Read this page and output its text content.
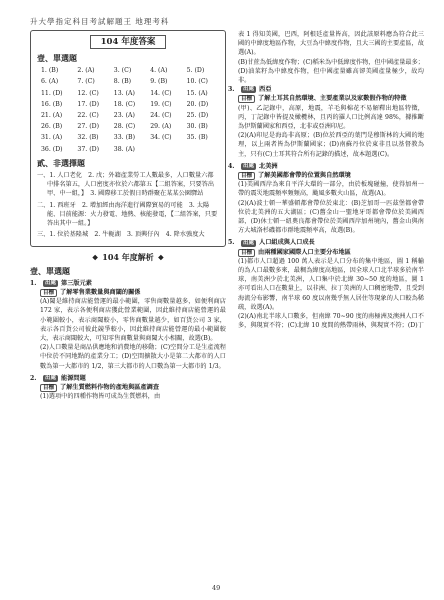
升大學指定科目考試解題王 地理考科
104 年度答案
壹、單選題
1. (B)	2. (A)	3. (C)	4. (A)	5. (D)
6. (A)	7. (C)	8. (B)	9. (B)	10. (C)
11. (D)	12. (C)	13. (A)	14. (C)	15. (A)
16. (B)	17. (D)	18. (C)	19. (C)	20. (D)
21. (A)	22. (C)	23. (A)	24. (C)	25. (D)
26. (B)	27. (D)	28. (C)	29. (A)	30. (B)
31. (A)	32. (B)	33. (B)	34. (C)	35. (B)
36. (D)	37. (D)	38. (A)
貳、非選擇題
一、1. 人口老化　2. 戊；外籍產業勞工人數最多，人口數量六都中排名第五，人口密度亦位於六都第五【二組答案，只要答出甲、中一組，】　3. 國際移工於假日時群聚在某某公園驛站
二、1. 西班牙　2. 增加經由海洋進行國際貿易的可能　3. 太陽能、目前能源：火力發電、地熱、核能發電，【二組答案，只要答出其中一組。】
三、1. 位於基隆城　2. 牛軛湖　3. 頂興仔內　4. 降水強度大
❖ 104 年度解析 ❖
壹、單選題
1.	出處 第三版元素
目標 了解零售業數量與商閾的關係
(A)閾是維持商店能營運的最小範圍，零售商數量越多，如便利商店 172 家，表示各便利商店獲此營業範圍，因此維持商店能營運的最小範圍較小，表示商閾較小，零售商數量越少，如百貨公司 3 家，表示各百貨公司彼此競爭較小，因此維持商店能營運的最小範圍較大，表示商閾較大，可知零售商數量與商閾大小相關，故選(B)。
(2)人口數量是商品供應地和消費地的移動；(C)空間分工是生產流程中位於不同地點的產業分工；(D)空間擴散大小是第二大都市的人口數為第一大都市的 1/2，第三大都市的人口數為第一大都市的 1/3。
2.	出處 能源問題
目標 了解生質燃料作物的產地與區產調查
(1)選項中的四種作物皆可成為生質燃料，由
表 1 得知美國，巴西，阿根廷產量皆高，因此該原料應為符合此三國的中緯度地區作物，大豆為中緯度作物，且大三國的主要產區，故選(A)。
(B)甘蔗為低緯度作物；(C)稻米為中低緯度作物，但中國產量最多；(D)油菜籽為中緯度作物，但中國產量雖高卻美國產量極少，故均非。
3.	出處 西亞
目標 了解土耳其自然環境、主要產業以及家數假作物的特徵
(甲)、乙記錄中，高原，地震，羊毛與棉花不易解釋出地區特徵，丙，丁記錄中皆提及橄欖林，且丙的羅人口比例高達 98%，據推斷為伊斯蘭國家和西亞，北非或亞洲印尼。
(2)(A)印尼是海島非高原；(B)位於西亞的葉門是穆斯林的大國的地理，以上兩者皆為伊斯蘭國家；(D)南蘇丹位於東非且以基督教為主，只有(C)土耳其符合所有記錄的描述，故本題選(C)。
4.	出處 北美洲
目標 了解美國都會帶的位置與自然環境
(1)美國西岸為來自平洋大環的一部分，由於板塊碰撞，使得加州一帶的震災地震頻率頻頻高，颱風多數火山區，故選(A)。
(2)(A)波士頓一華盛頓都會帶位於東北：(B)芝加哥一匹茲堡都會帶位於北美洲的五大湖區；(C)舊金山一聖地牙哥都會帶位於美國西部，(D)休士頓一紐奧良都會帶位於美國西岸加州境內，舊金山與南方大城洛杉磯都市群地震頻率高，故選(B)。
5.	出處 人口組成與人口成長
目標 由兩種國家國際人口主要分布地區
(1)都市人口超過 100 萬人表示是人口分布的集中地區，圖 1 稱輸的為人口最數多來，最稠為緯度高地區，因全球人口北半球多於南半球，南美洲少於北美洲，人口集中於北緯 30~50 度的地區，圖 1 亦可看出人口在數量上，以非洲、拉丁美洲的人口稠密地帶，且受到海流分布影響，南半球 60 度以南幾乎無人居住等現象的人口較為稀疏，故選(A)。
(2)(A)南北半球人口數多，但南緯 70~90 度的南極洲及澳洲人口不多，與現實不符；(C)北緯 10 度間的熱帶雨林，與現實不符；(D)丁
49
